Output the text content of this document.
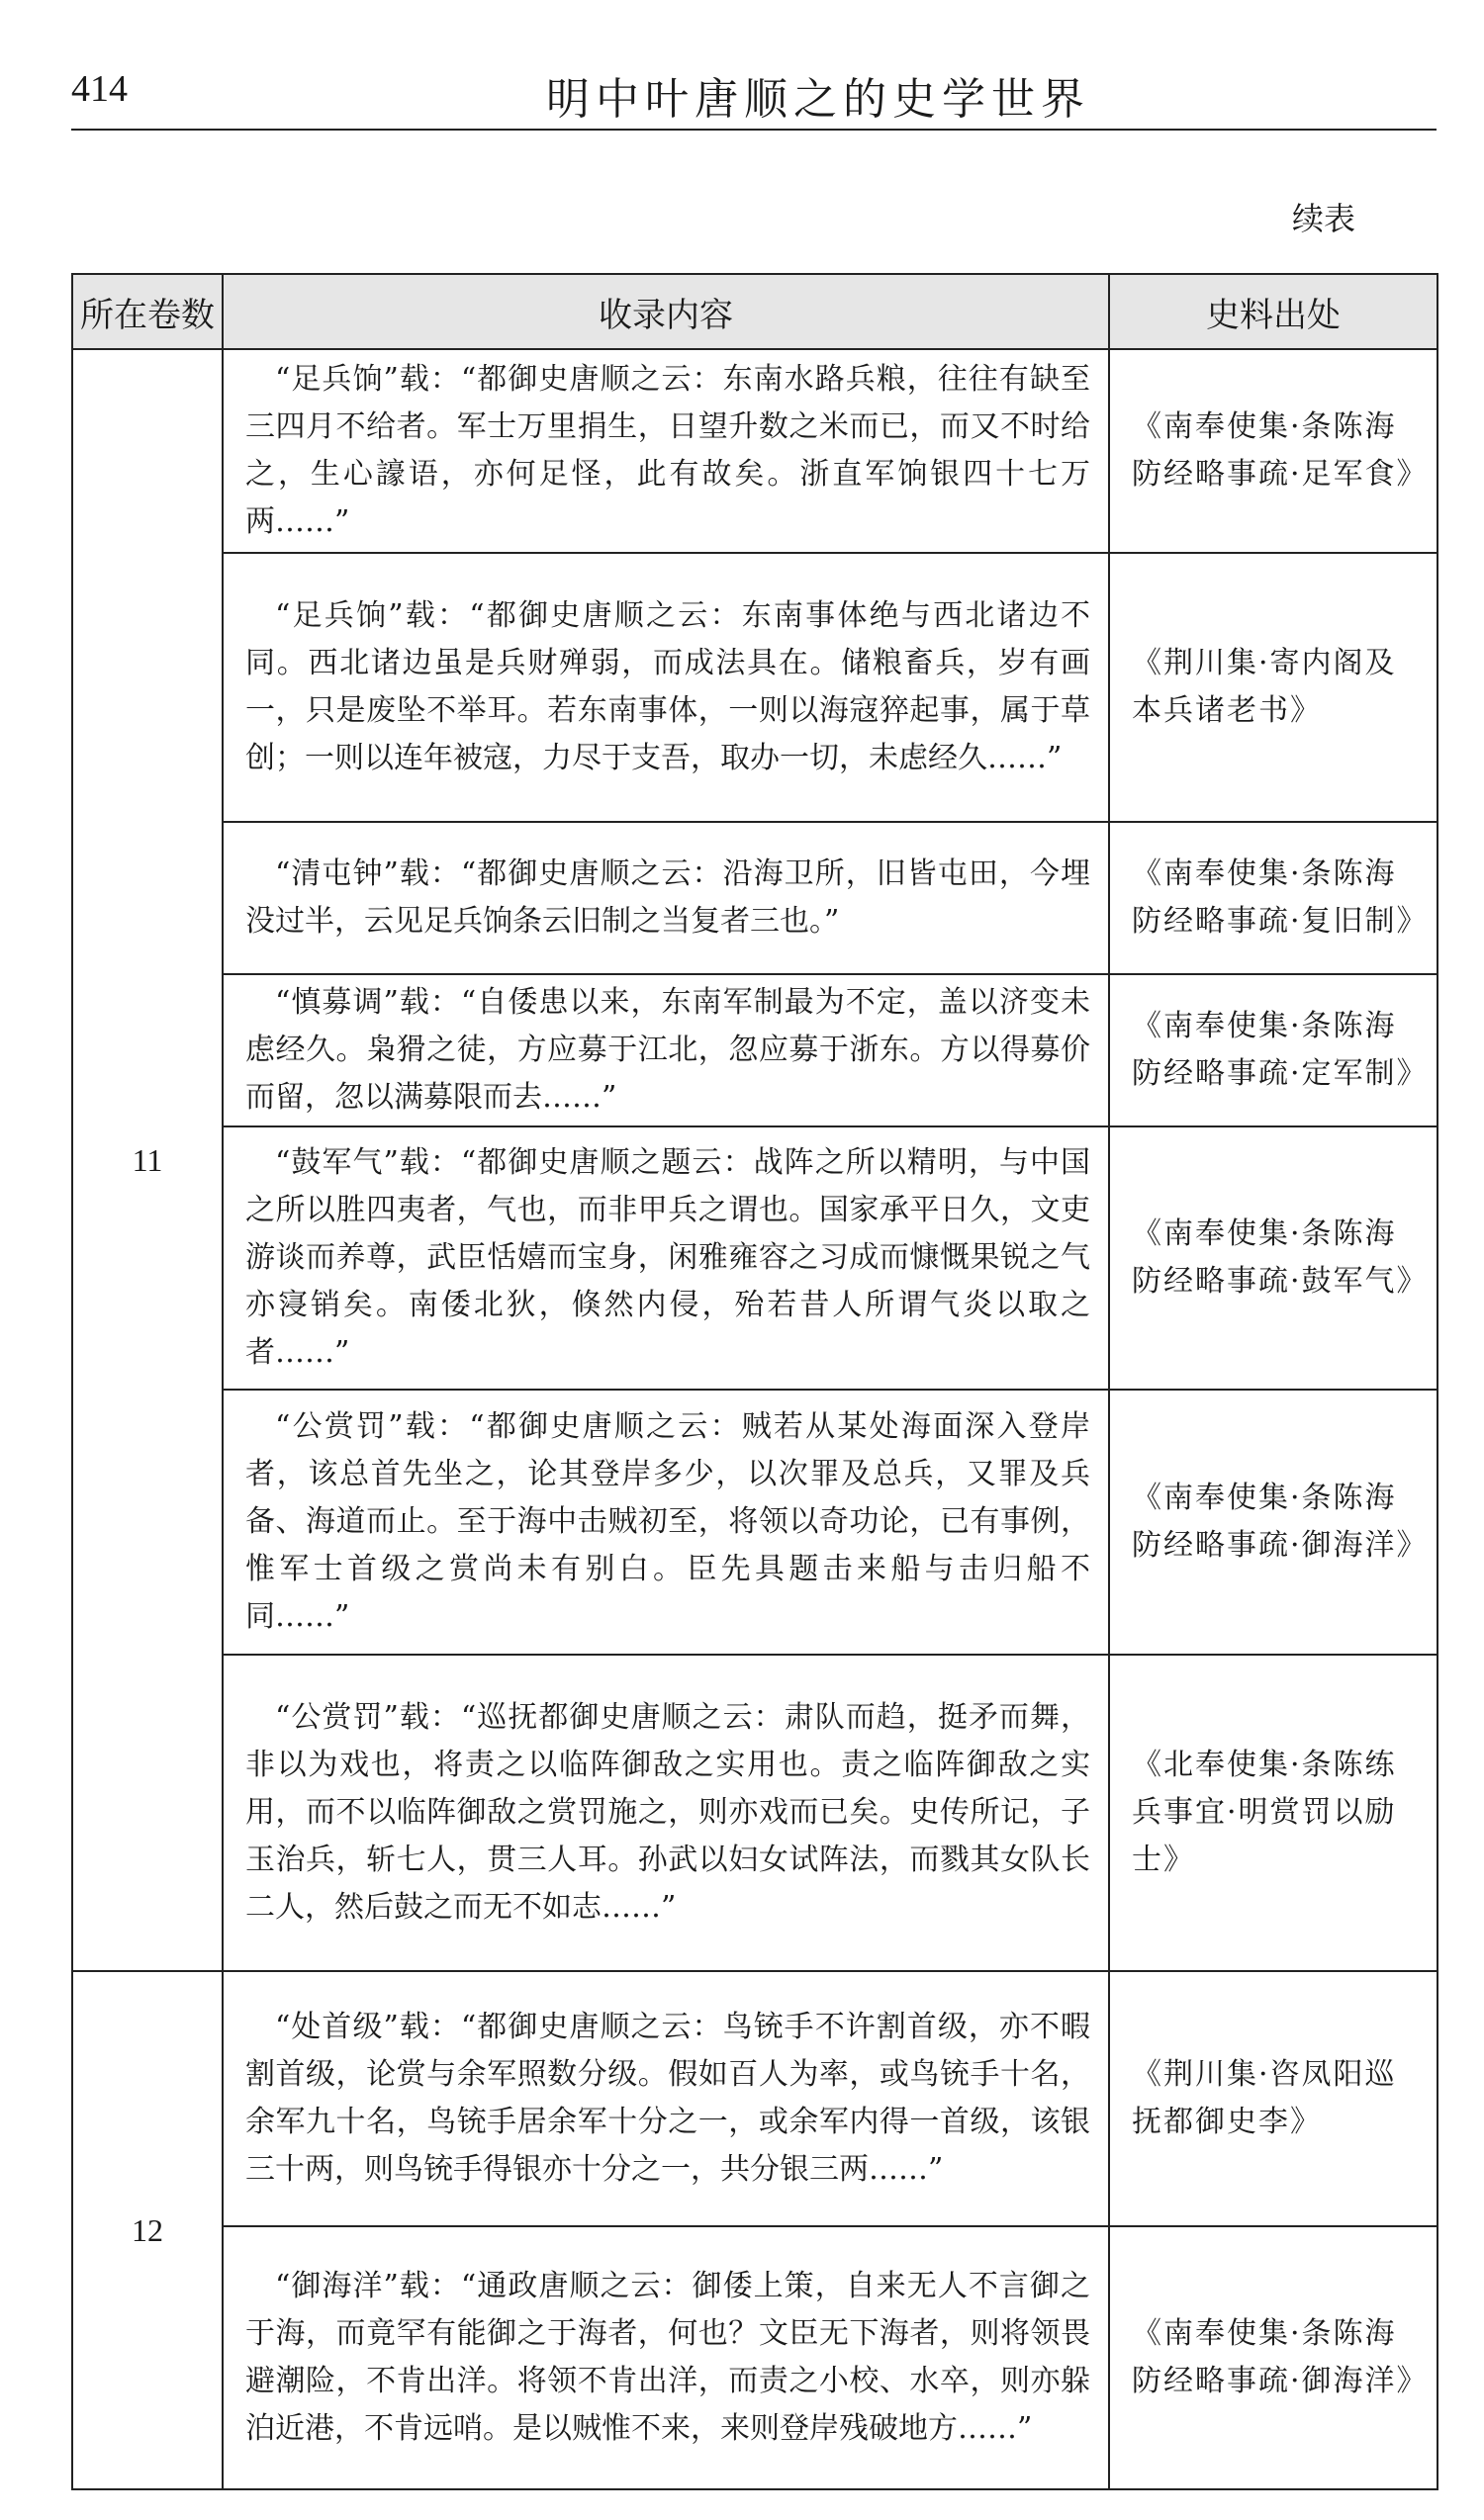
414	明中叶唐顺之的史学世界
续表
所在卷数	收录内容	史料出处
11	“足兵饷”载：“都御史唐顺之云：东南水路兵粮，往往有缺至三四月不给者。军士万里捐生，日望升数之米而已，而又不时给之，生心譹语，亦何足怪，此有故矣。浙直军饷银四十七万两……”	《南奉使集·条陈海防经略事疏·足军食》
	“足兵饷”载：“都御史唐顺之云：东南事体绝与西北诸边不同。西北诸边虽是兵财殚弱，而成法具在。储粮畜兵，岁有画一，只是废坠不举耳。若东南事体，一则以海寇猝起事，属于草创；一则以连年被寇，力尽于支吾，取办一切，未虑经久……”	《荆川集·寄内阁及本兵诸老书》
	“清屯钟”载：“都御史唐顺之云：沿海卫所，旧皆屯田，今埋没过半，云见足兵饷条云旧制之当复者三也。”	《南奉使集·条陈海防经略事疏·复旧制》
	“慎募调”载：“自倭患以来，东南军制最为不定，盖以济变未虑经久。枭猾之徒，方应募于江北，忽应募于浙东。方以得募价而留，忽以满募限而去……”	《南奉使集·条陈海防经略事疏·定军制》
	“鼓军气”载：“都御史唐顺之题云：战阵之所以精明，与中国之所以胜四夷者，气也，而非甲兵之谓也。国家承平日久，文吏游谈而养尊，武臣恬嬉而宝身，闲雅雍容之习成而慷慨果锐之气亦寖销矣。南倭北狄，倏然内侵，殆若昔人所谓气炎以取之者……”	《南奉使集·条陈海防经略事疏·鼓军气》
	“公赏罚”载：“都御史唐顺之云：贼若从某处海面深入登岸者，该总首先坐之，论其登岸多少，以次罪及总兵，又罪及兵备、海道而止。至于海中击贼初至，将领以奇功论，已有事例，惟军士首级之赏尚未有别白。臣先具题击来船与击归船不同……”	《南奉使集·条陈海防经略事疏·御海洋》
	“公赏罚”载：“巡抚都御史唐顺之云：肃队而趋，挺矛而舞，非以为戏也，将责之以临阵御敌之实用也。责之临阵御敌之实用，而不以临阵御敌之赏罚施之，则亦戏而已矣。史传所记，子玉治兵，斩七人，贯三人耳。孙武以妇女试阵法，而戮其女队长二人，然后鼓之而无不如志……”	《北奉使集·条陈练兵事宜·明赏罚以励士》
12	“处首级”载：“都御史唐顺之云：鸟铳手不许割首级，亦不暇割首级，论赏与余军照数分级。假如百人为率，或鸟铳手十名，余军九十名，鸟铳手居余军十分之一，或余军内得一首级，该银三十两，则鸟铳手得银亦十分之一，共分银三两……”	《荆川集·咨凤阳巡抚都御史李》
	“御海洋”载：“通政唐顺之云：御倭上策，自来无人不言御之于海，而竟罕有能御之于海者，何也？文臣无下海者，则将领畏避潮险，不肯出洋。将领不肯出洋，而责之小校、水卒，则亦躲泊近港，不肯远哨。是以贼惟不来，来则登岸残破地方……”	《南奉使集·条陈海防经略事疏·御海洋》
